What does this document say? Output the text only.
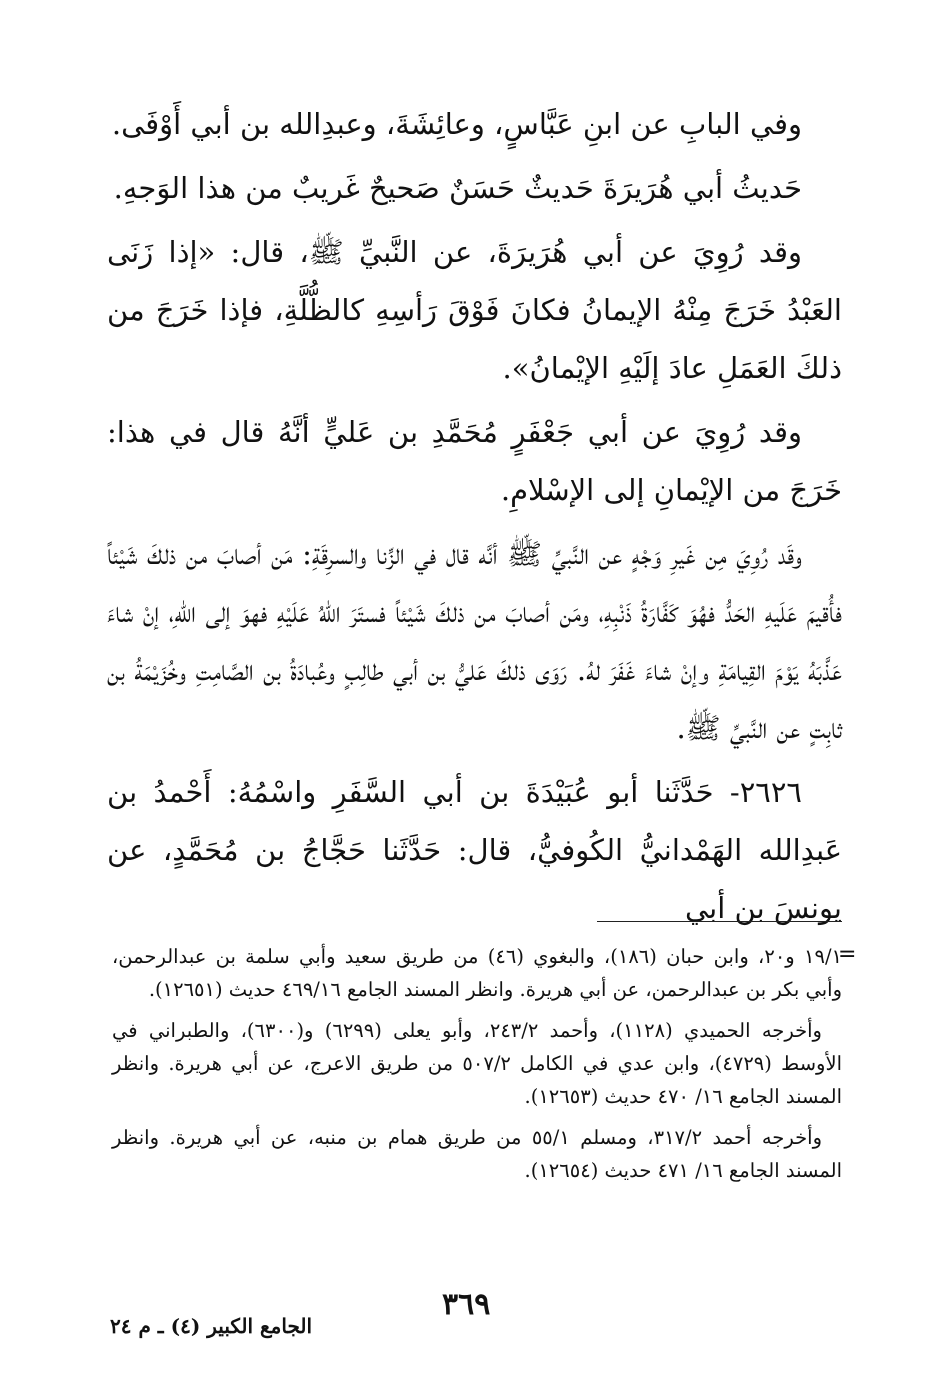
وفي البابِ عن ابنِ عَبَّاسٍ، وعائِشَةَ، وعبدِالله بن أبي أَوْفَى.

حَديثُ أبي هُرَيرَةَ حَديثٌ حَسَنٌ صَحيحٌ غَريبٌ من هذا الوَجهِ.

وقد رُوِيَ عن أبي هُرَيرَةَ، عن النَّبيِّ ﷺ، قال: «إذا زَنَى العَبْدُ خَرَجَ مِنْهُ الإيمانُ فكانَ فَوْقَ رَأسِهِ كالظُّلَّةِ، فإذا خَرَجَ من ذلكَ العَمَلِ عادَ إلَيْهِ الإيْمانُ».

وقد رُوِيَ عن أبي جَعْفَرٍ مُحَمَّدِ بن عَليٍّ أنَّهُ قال في هذا: خَرَجَ من الإيْمانِ إلى الإسْلامِ.

وقَد رُوِيَ مِن غَيرِ وَجْهٍ عن النَّبيِّ ﷺ أنَّه قال في الزِّنا والسرِقَةِ: مَن أصابَ من ذلكَ شَيْئاً فأُقيمَ عَلَيهِ الحَدُّ فهُوَ كَفَّارَةُ ذَنْبِهِ، ومَن أصابَ من ذلكَ شَيْئاً فستَرَ اللهُ عَلَيْهِ فهوَ إلى اللهِ، إنْ شاءَ عَذَّبَهُ يَوْمَ القِيامَةِ وإنْ شاءَ غَفَرَ لهُ. رَوَى ذلكَ عَليُّ بن أبي طالِبٍ وعُبادَةُ بن الصَّامِتِ وخُزَيْمَةُ بن ثابِتٍ عن النَّبيِّ ﷺ.

٢٦٢٦- حَدَّثَنا أبو عُبَيْدَةَ بن أبي السَّفَرِ واسْمُهُ: أَحْمدُ بن عَبدِالله الهَمْدانيُّ الكُوفيُّ، قال: حَدَّثَنا حَجَّاجُ بن مُحَمَّدٍ، عن يونسَ بن أبي

=

١٩/١ و٢٠، وابن حبان (١٨٦)، والبغوي (٤٦) من طريق سعيد وأبي سلمة بن عبدالرحمن، وأبي بكر بن عبدالرحمن، عن أبي هريرة. وانظر المسند الجامع ٤٦٩/١٦ حديث (١٢٦٥١).

وأخرجه الحميدي (١١٢٨)، وأحمد ٢٤٣/٢، وأبو يعلى (٦٢٩٩) و(٦٣٠٠)، والطبراني في الأوسط (٤٧٢٩)، وابن عدي في الكامل ٥٠٧/٢ من طريق الاعرج، عن أبي هريرة. وانظر المسند الجامع ١٦/ ٤٧٠ حديث (١٢٦٥٣).

وأخرجه أحمد ٣١٧/٢، ومسلم ٥٥/١ من طريق همام بن منبه، عن أبي هريرة. وانظر المسند الجامع ١٦/ ٤٧١ حديث (١٢٦٥٤).

٣٦٩
الجامع الكبير (٤) ـ م ٢٤
